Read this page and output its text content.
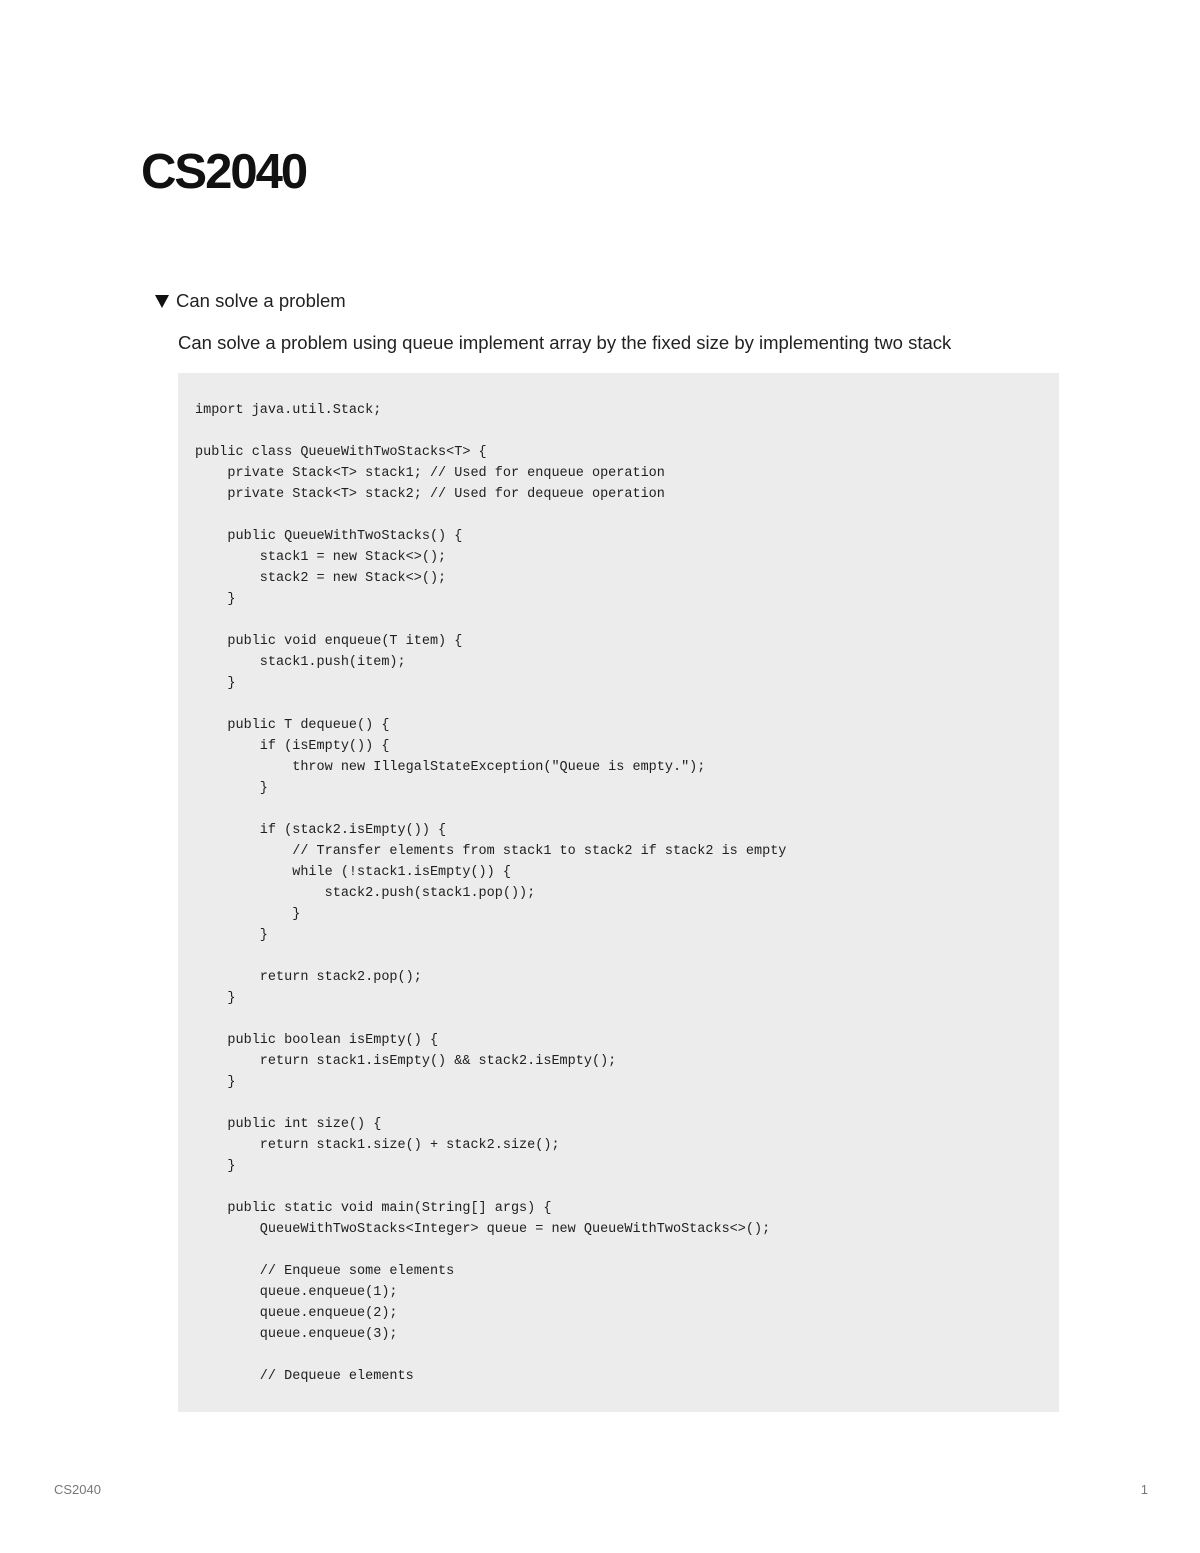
CS2040
Can solve a problem

Can solve a problem using queue implement array by the fixed size by implementing two stack

import java.util.Stack;
public class QueueWithTwoStacks<T> {
private Stack<T> stack1; // Used for enqueue operation
private Stack<T> stack2; // Used for dequeue operation
public QueueWithTwoStacks() {
stack1 = new Stack<>();
stack2 = new Stack<>();
}
public void enqueue(T item) {
stack1.push(item);
}
public T dequeue() {
if (isEmpty()) {
throw new IllegalStateException("Queue is empty.");
}
if (stack2.isEmpty()) {
// Transfer elements from stack1 to stack2 if stack2 is empty
while (!stack1.isEmpty()) {
stack2.push(stack1.pop());
}
}
return stack2.pop();
}
public boolean isEmpty() {
return stack1.isEmpty() && stack2.isEmpty();
}
public int size() {
return stack1.size() + stack2.size();
}
public static void main(String[] args) {
QueueWithTwoStacks<Integer> queue = new QueueWithTwoStacks<>();
// Enqueue some elements
queue.enqueue(1);
queue.enqueue(2);
queue.enqueue(3);
// Dequeue elements
CS2040	1
